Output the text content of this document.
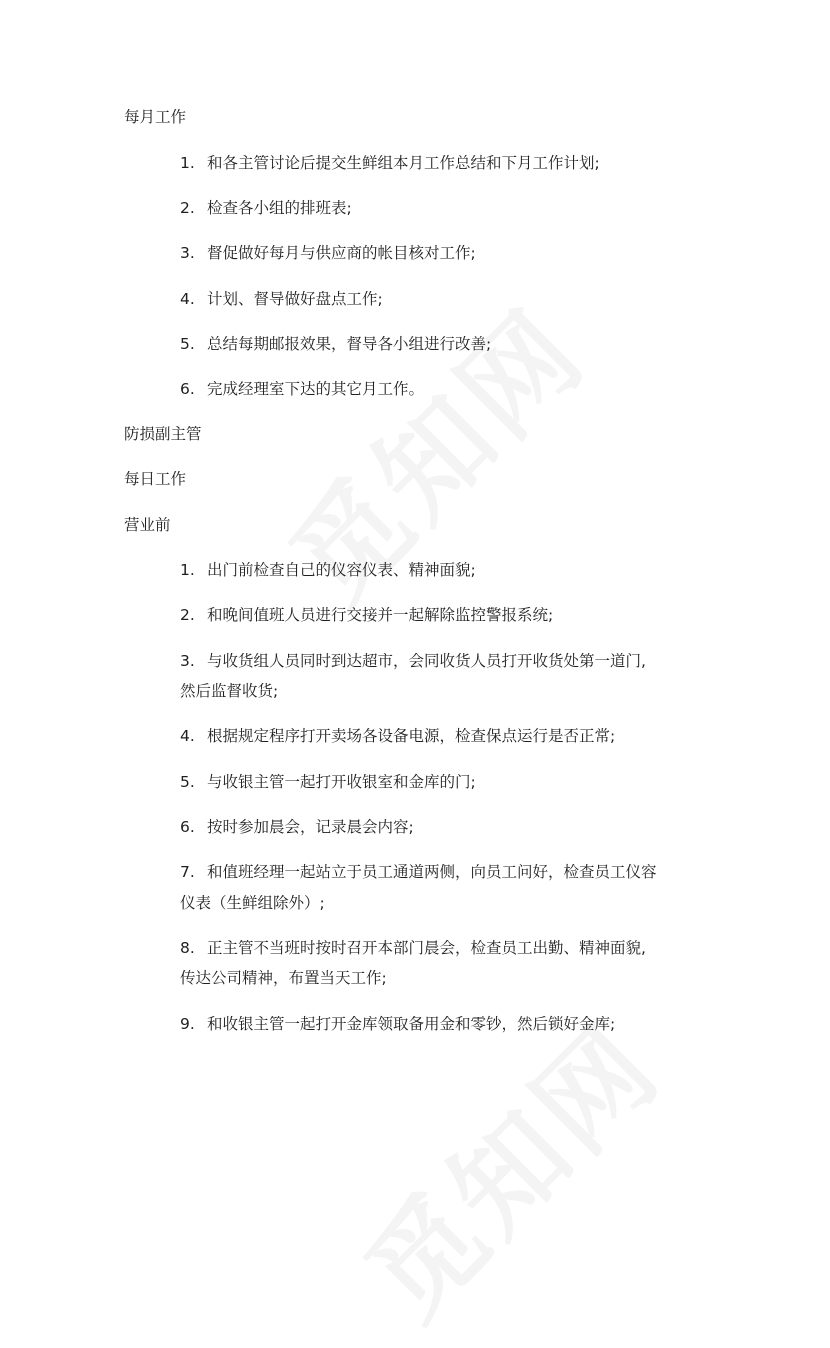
每月工作
1. 和各主管讨论后提交生鲜组本月工作总结和下月工作计划;
2. 检查各小组的排班表;
3. 督促做好每月与供应商的帐目核对工作;
4. 计划、督导做好盘点工作;
5. 总结每期邮报效果，督导各小组进行改善;
6. 完成经理室下达的其它月工作。
防损副主管
每日工作
营业前
1. 出门前检查自己的仪容仪表、精神面貌;
2. 和晚间值班人员进行交接并一起解除监控警报系统;
3. 与收货组人员同时到达超市，会同收货人员打开收货处第一道门,
然后监督收货;
4. 根据规定程序打开卖场各设备电源，检查保点运行是否正常;
5. 与收银主管一起打开收银室和金库的门;
6. 按时参加晨会，记录晨会内容;
7. 和值班经理一起站立于员工通道两侧，向员工问好，检查员工仪容
仪表（生鲜组除外）;
8. 正主管不当班时按时召开本部门晨会，检查员工出勤、精神面貌,
传达公司精神，布置当天工作;
9. 和收银主管一起打开金库领取备用金和零钞，然后锁好金库;
